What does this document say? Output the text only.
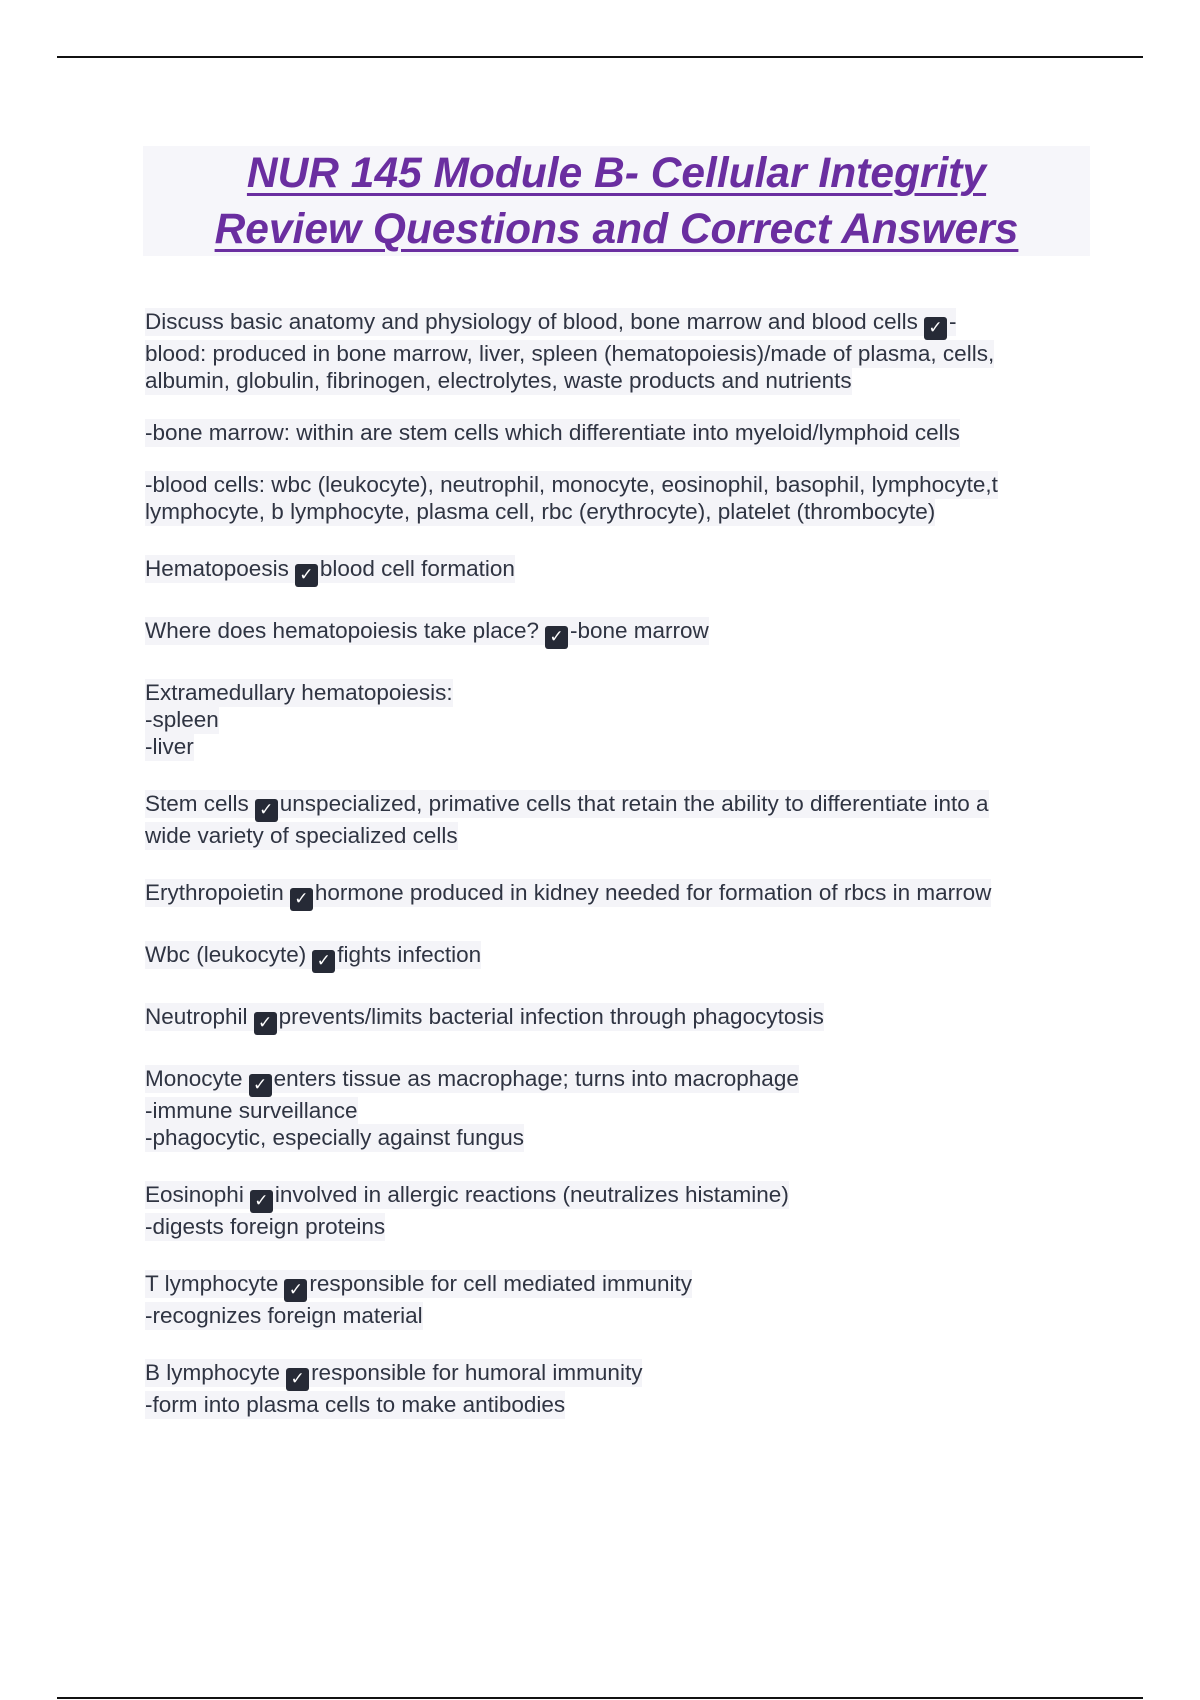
NUR 145 Module B- Cellular Integrity
Review Questions and Correct Answers
Discuss basic anatomy and physiology of blood, bone marrow and blood cells ✓ -
blood: produced in bone marrow, liver, spleen (hematopoiesis)/made of plasma, cells,
albumin, globulin, fibrinogen, electrolytes, waste products and nutrients
-bone marrow: within are stem cells which differentiate into myeloid/lymphoid cells
-blood cells: wbc (leukocyte), neutrophil, monocyte, eosinophil, basophil, lymphocyte,t
lymphocyte, b lymphocyte, plasma cell, rbc (erythrocyte), platelet (thrombocyte)
Hematopoesis ✓ blood cell formation
Where does hematopoiesis take place? ✓ -bone marrow
Extramedullary hematopoiesis:
-spleen
-liver
Stem cells ✓ unspecialized, primative cells that retain the ability to differentiate into a
wide variety of specialized cells
Erythropoietin ✓ hormone produced in kidney needed for formation of rbcs in marrow
Wbc (leukocyte) ✓ fights infection
Neutrophil ✓ prevents/limits bacterial infection through phagocytosis
Monocyte ✓ enters tissue as macrophage; turns into macrophage
-immune surveillance
-phagocytic, especially against fungus
Eosinophi ✓ involved in allergic reactions (neutralizes histamine)
-digests foreign proteins
T lymphocyte ✓ responsible for cell mediated immunity
-recognizes foreign material
B lymphocyte ✓ responsible for humoral immunity
-form into plasma cells to make antibodies
